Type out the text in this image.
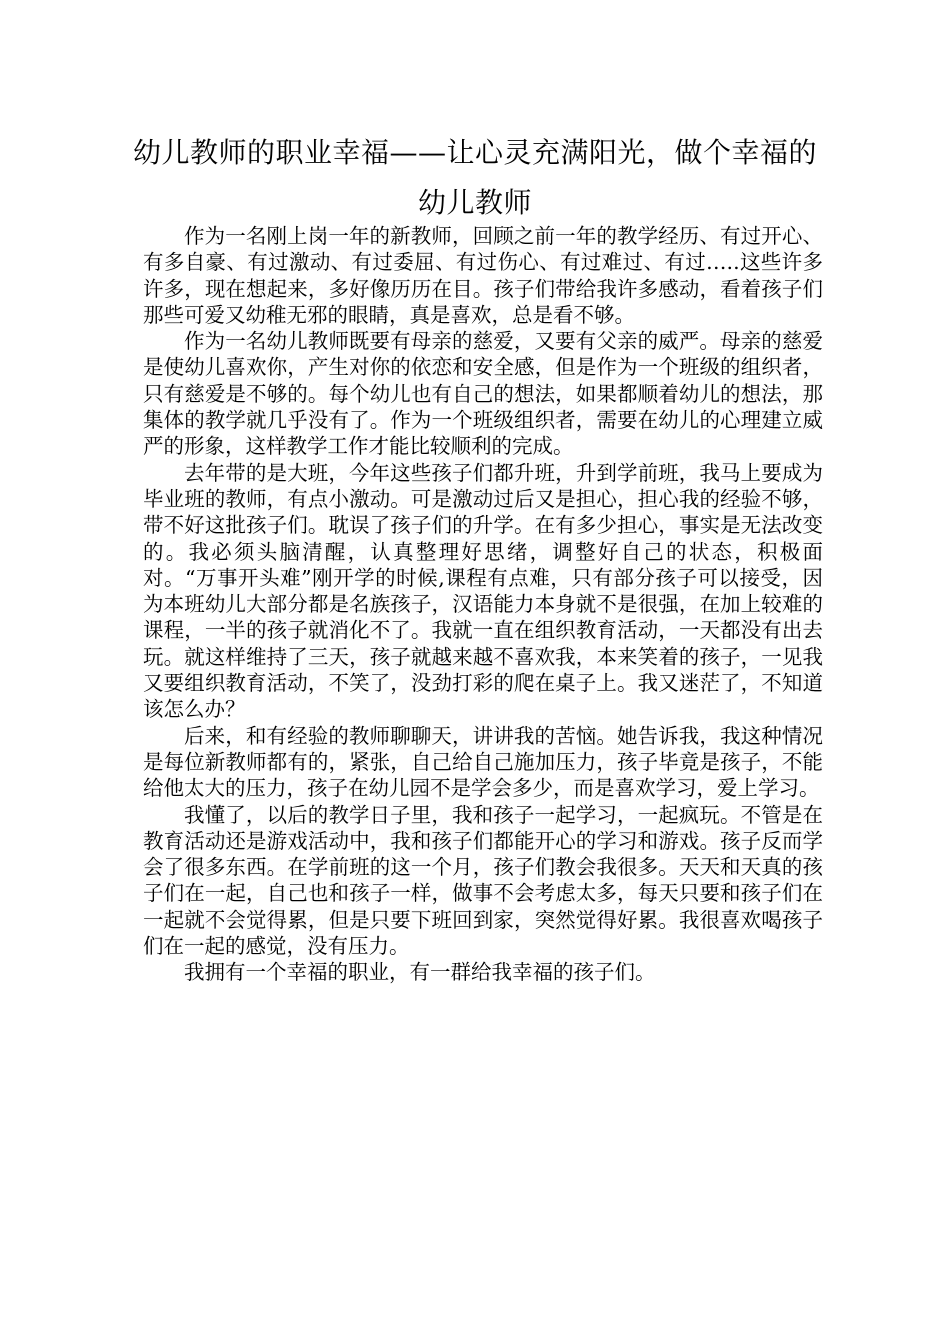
幼儿教师的职业幸福——让心灵充满阳光，做个幸福的幼儿教师

作为一名刚上岗一年的新教师，回顾之前一年的教学经历、有过开心、有多自豪、有过激动、有过委屈、有过伤心、有过难过、有过…..这些许多许多，现在想起来，多好像历历在目。孩子们带给我许多感动，看着孩子们那些可爱又幼稚无邪的眼睛，真是喜欢，总是看不够。

作为一名幼儿教师既要有母亲的慈爱，又要有父亲的威严。母亲的慈爱是使幼儿喜欢你，产生对你的依恋和安全感，但是作为一个班级的组织者，只有慈爱是不够的。每个幼儿也有自己的想法，如果都顺着幼儿的想法，那集体的教学就几乎没有了。作为一个班级组织者，需要在幼儿的心理建立威严的形象，这样教学工作才能比较顺利的完成。

去年带的是大班，今年这些孩子们都升班，升到学前班，我马上要成为毕业班的教师，有点小激动。可是激动过后又是担心，担心我的经验不够，带不好这批孩子们。耽误了孩子们的升学。在有多少担心，事实是无法改变的。我必须头脑清醒，认真整理好思绪，调整好自己的状态，积极面对。“万事开头难”刚开学的时候,课程有点难，只有部分孩子可以接受，因为本班幼儿大部分都是名族孩子，汉语能力本身就不是很强，在加上较难的课程，一半的孩子就消化不了。我就一直在组织教育活动，一天都没有出去玩。就这样维持了三天，孩子就越来越不喜欢我，本来笑着的孩子，一见我又要组织教育活动，不笑了，没劲打彩的爬在桌子上。我又迷茫了，不知道该怎么办？

后来，和有经验的教师聊聊天，讲讲我的苦恼。她告诉我，我这种情况是每位新教师都有的，紧张，自己给自己施加压力，孩子毕竟是孩子，不能给他太大的压力，孩子在幼儿园不是学会多少，而是喜欢学习，爱上学习。

我懂了，以后的教学日子里，我和孩子一起学习，一起疯玩。不管是在教育活动还是游戏活动中，我和孩子们都能开心的学习和游戏。孩子反而学会了很多东西。在学前班的这一个月，孩子们教会我很多。天天和天真的孩子们在一起，自己也和孩子一样，做事不会考虑太多，每天只要和孩子们在一起就不会觉得累，但是只要下班回到家，突然觉得好累。我很喜欢喝孩子们在一起的感觉，没有压力。

我拥有一个幸福的职业，有一群给我幸福的孩子们。
